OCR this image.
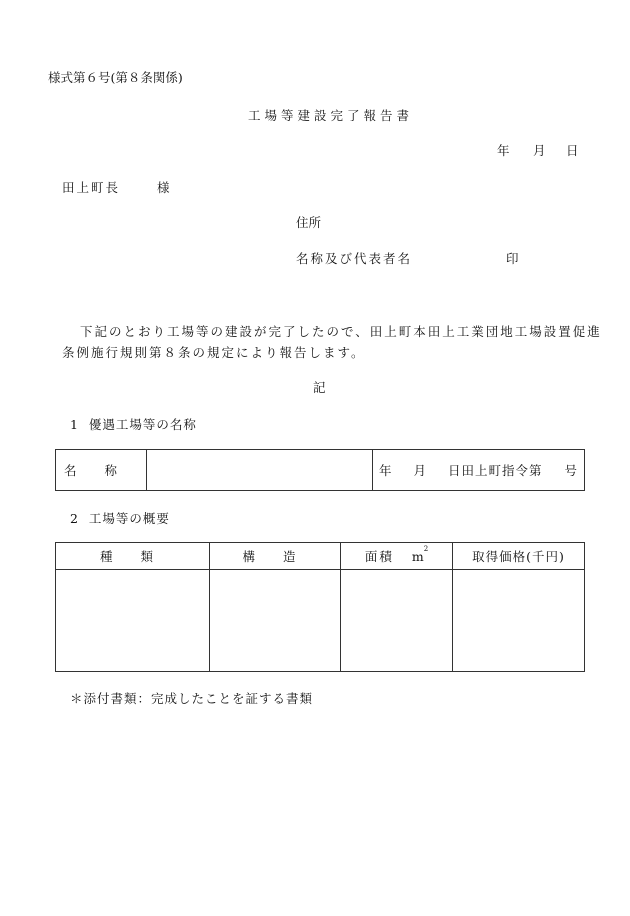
様式第６号(第８条関係)
工場等建設完了報告書
年 月 日
田上町長	様
住所
名称及び代表者名	印
下記のとおり工場等の建設が完了したので、田上町本田上工業団地工場設置促進
条例施行規則第８条の規定により報告します。
記
1  優遇工場等の名称
名 称		年 月 日田上町指令第 号
2  工場等の概要
種 類	構 造	面積 $m^2$	取得価格(千円)

＊添付書類：完成したことを証する書類
